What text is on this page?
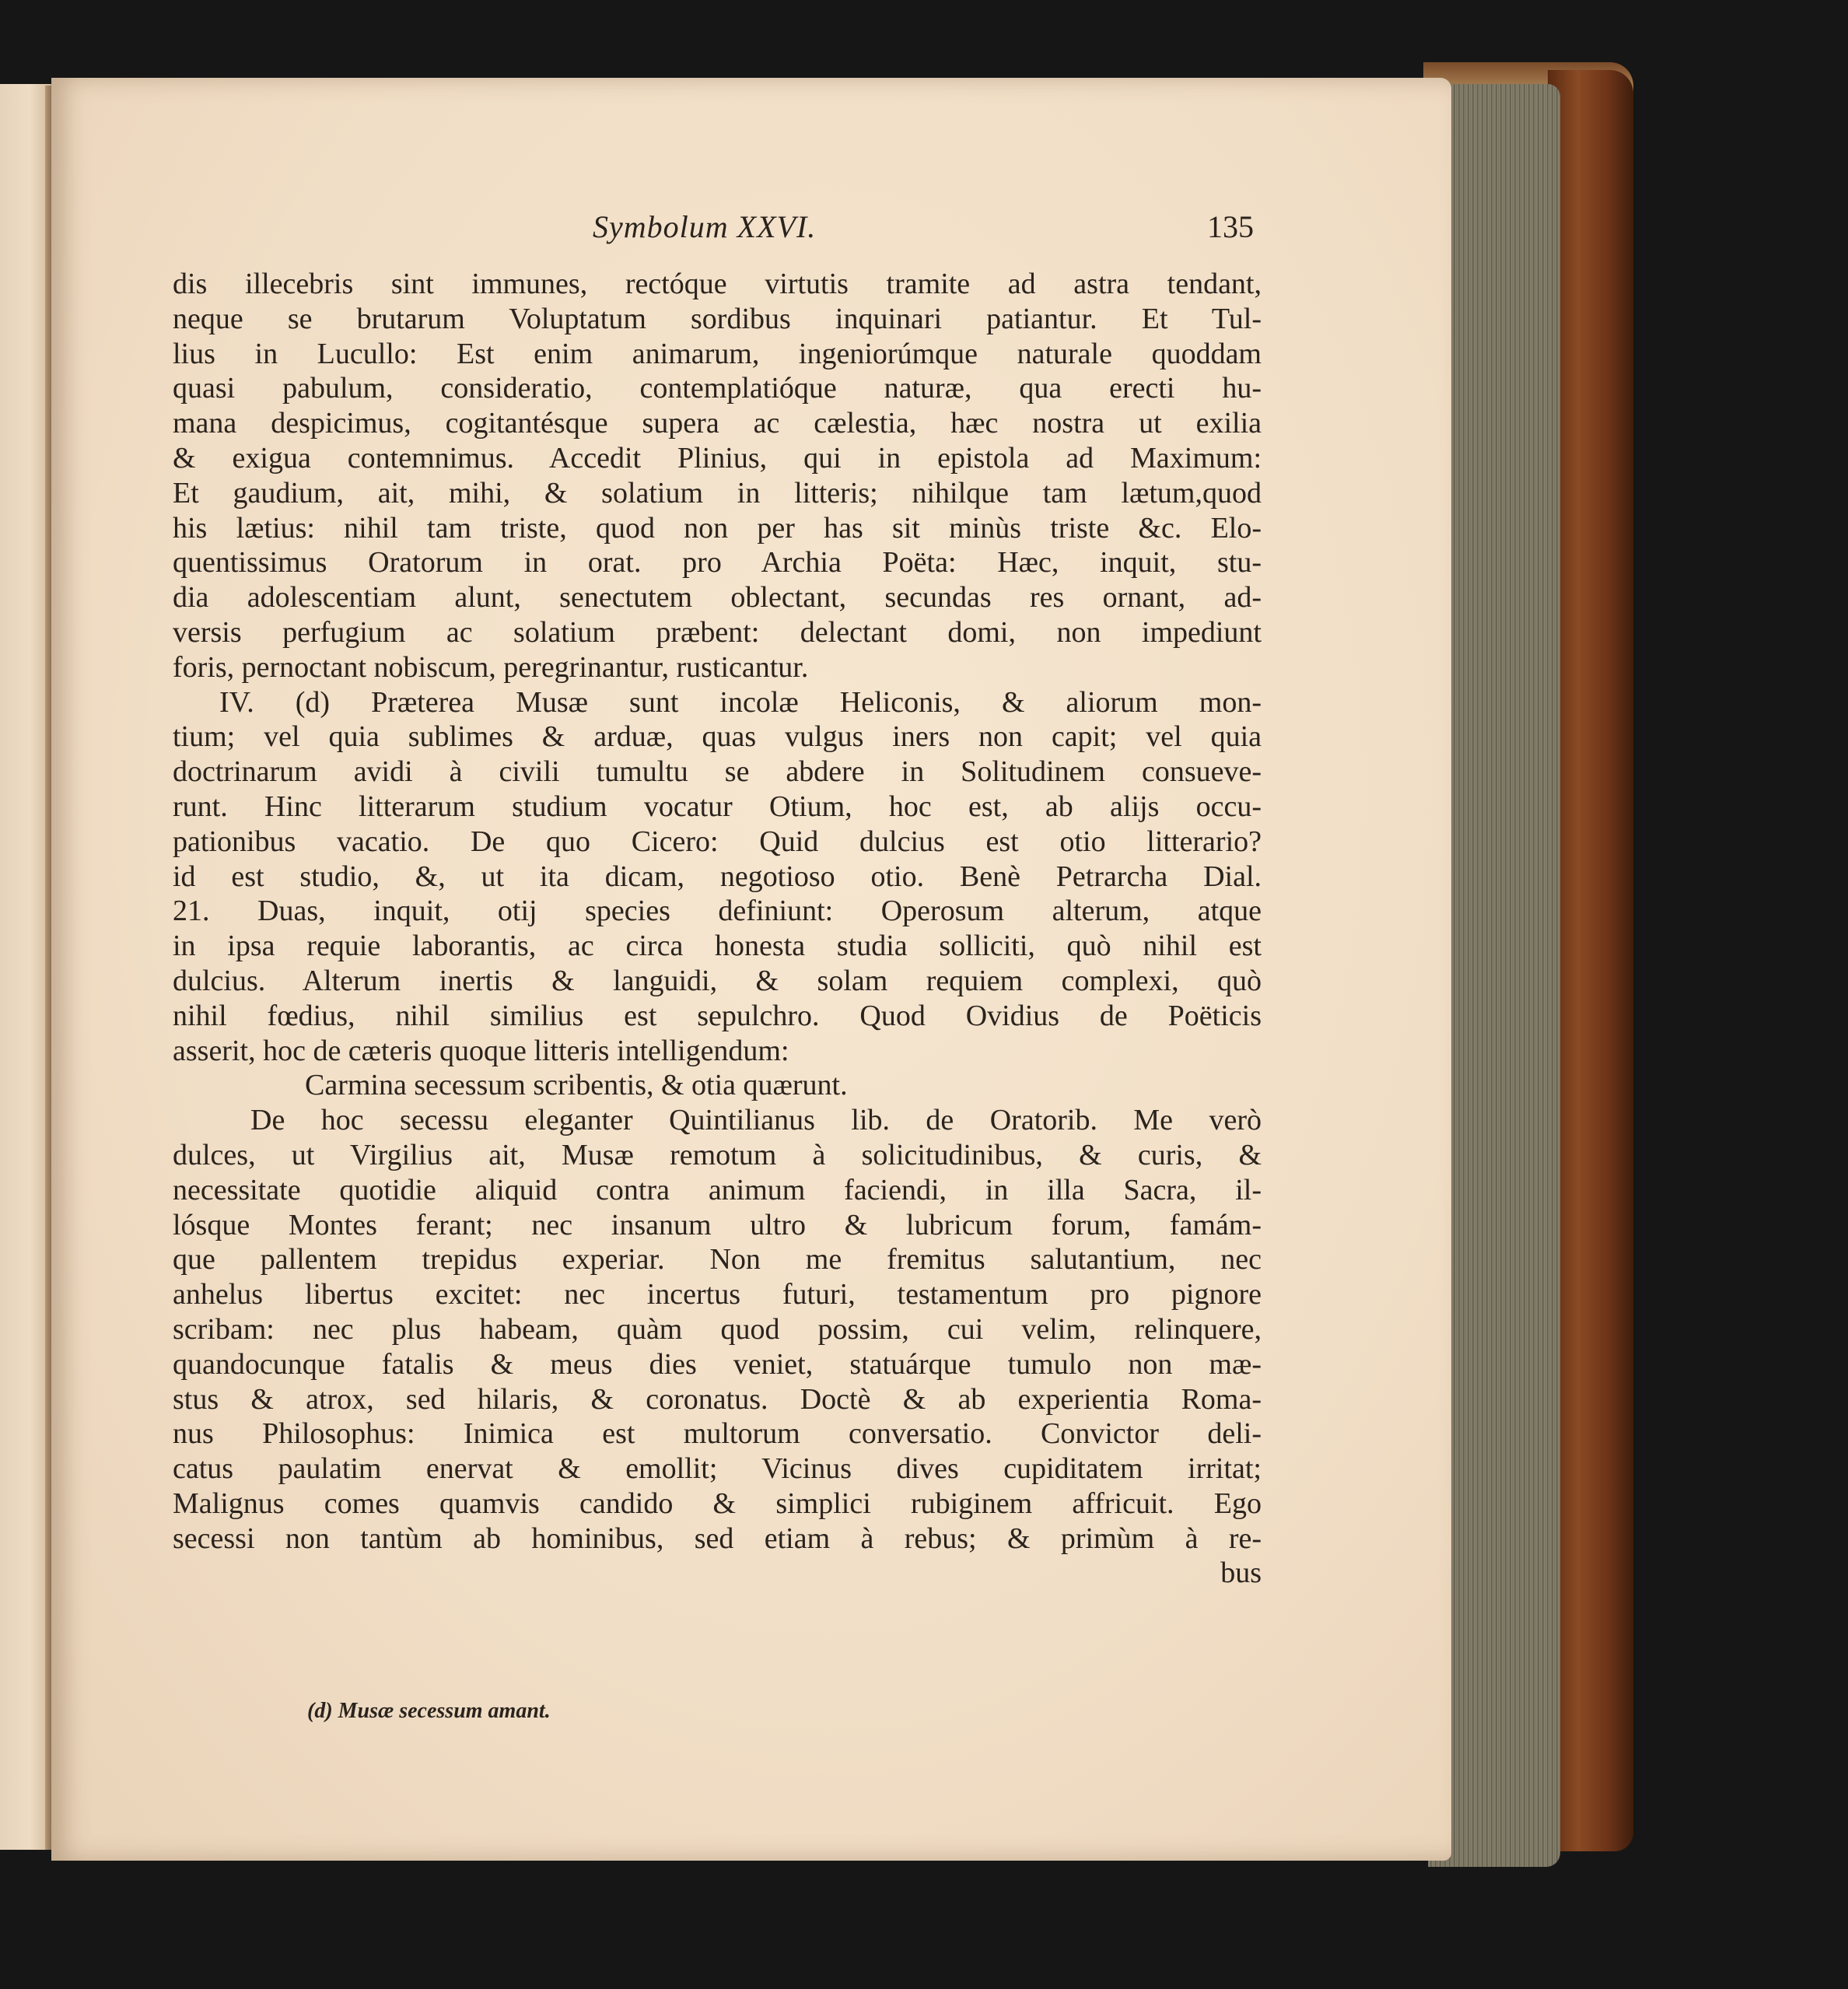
Symbolum XXVI.	135
dis illecebris sint immunes, rectóque virtutis tramite ad astra tendant,
neque se brutarum Voluptatum sordibus inquinari patiantur. Et Tul-
lius in Lucullo: Est enim animarum, ingeniorúmque naturale quoddam
quasi pabulum, consideratio, contemplatióque naturæ, qua erecti hu-
mana despicimus, cogitantésque supera ac cælestia, hæc nostra ut exilia
& exigua contemnimus. Accedit Plinius, qui in epistola ad Maximum:
Et gaudium, ait, mihi, & solatium in litteris; nihilque tam lætum,quod
his lætius: nihil tam triste, quod non per has sit minùs triste &c. Elo-
quentissimus Oratorum in orat. pro Archia Poëta: Hæc, inquit, stu-
dia adolescentiam alunt, senectutem oblectant, secundas res ornant, ad-
versis perfugium ac solatium præbent: delectant domi, non impediunt
foris, pernoctant nobiscum, peregrinantur, rusticantur.
IV. (d) Præterea Musæ sunt incolæ Heliconis, & aliorum mon-
tium; vel quia sublimes & arduæ, quas vulgus iners non capit; vel quia
doctrinarum avidi à civili tumultu se abdere in Solitudinem consueve-
runt. Hinc litterarum studium vocatur Otium, hoc est, ab alijs occu-
pationibus vacatio. De quo Cicero: Quid dulcius est otio litterario?
id est studio, &, ut ita dicam, negotioso otio. Benè Petrarcha Dial.
21. Duas, inquit, otij species definiunt: Operosum alterum, atque
in ipsa requie laborantis, ac circa honesta studia solliciti, quò nihil est
dulcius. Alterum inertis & languidi, & solam requiem complexi, quò
nihil fœdius, nihil similius est sepulchro. Quod Ovidius de Poëticis
asserit, hoc de cæteris quoque litteris intelligendum:
Carmina secessum scribentis, & otia quærunt.
De hoc secessu eleganter Quintilianus lib. de Oratorib. Me verò
dulces, ut Virgilius ait, Musæ remotum à solicitudinibus, & curis, &
necessitate quotidie aliquid contra animum faciendi, in illa Sacra, il-
lósque Montes ferant; nec insanum ultro & lubricum forum, famám-
que pallentem trepidus experiar. Non me fremitus salutantium, nec
anhelus libertus excitet: nec incertus futuri, testamentum pro pignore
scribam: nec plus habeam, quàm quod possim, cui velim, relinquere,
quandocunque fatalis & meus dies veniet, statuárque tumulo non mæ-
stus & atrox, sed hilaris, & coronatus. Doctè & ab experientia Roma-
nus Philosophus: Inimica est multorum conversatio. Convictor deli-
catus paulatim enervat & emollit; Vicinus dives cupiditatem irritat;
Malignus comes quamvis candido & simplici rubiginem affricuit. Ego
secessi non tantùm ab hominibus, sed etiam à rebus; & primùm à re-
bus
(d) Musæ secessum amant.
